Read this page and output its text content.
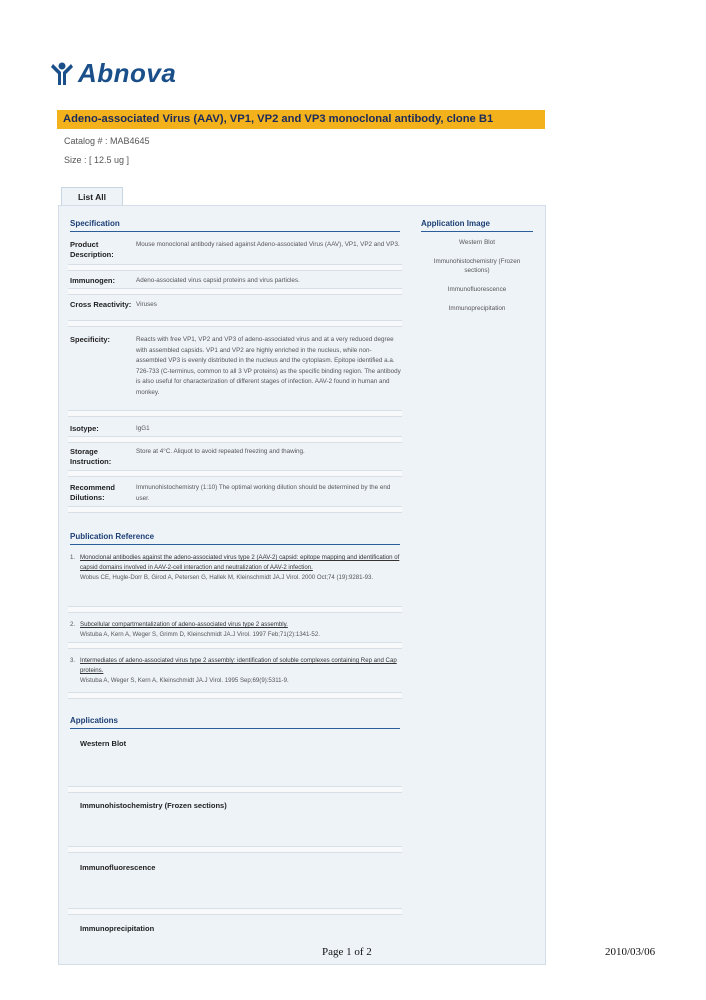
Abnova
Adeno-associated Virus (AAV), VP1, VP2 and VP3 monoclonal antibody, clone B1
Catalog # : MAB4645
Size : [ 12.5 ug ]
List All
Specification
Product Description:
Mouse monoclonal antibody raised against Adeno-associated Virus (AAV), VP1, VP2 and VP3.
Immunogen:	Adeno-associated virus capsid proteins and virus particles.
Cross Reactivity: Viruses
Specificity:	Reacts with free VP1, VP2 and VP3 of adeno-associated virus and at a very reduced degree with assembled capsids. VP1 and VP2 are highly enriched in the nucleus, while non-assembled VP3 is evenly distributed in the nucleus and the cytoplasm. Epitope identified a.a. 726-733 (C-terminus, common to all 3 VP proteins) as the specific binding region. The antibody is also useful for characterization of different stages of infection. AAV-2 found in human and monkey.
Isotype:	IgG1
Storage Instruction:
Store at 4°C. Aliquot to avoid repeated freezing and thawing.
Recommend Dilutions:
Immunohistochemistry (1:10) The optimal working dilution should be determined by the end user.
Application Image
Western Blot
Immunohistochemistry (Frozen sections)
Immunofluorescence
Immunoprecipitation
Publication Reference
1. Monoclonal antibodies against the adeno-associated virus type 2 (AAV-2) capsid: epitope mapping and identification of capsid domains involved in AAV-2-cell interaction and neutralization of AAV-2 infection.
Wobus CE, Hugle-Dorr B, Girod A, Petersen G, Hallek M, Kleinschmidt JA.J Virol. 2000 Oct;74 (19):9281-93.
2. Subcellular compartmentalization of adeno-associated virus type 2 assembly.
Wistuba A, Kern A, Weger S, Grimm D, Kleinschmidt JA.J Virol. 1997 Feb;71(2):1341-52.
3. Intermediates of adeno-associated virus type 2 assembly: identification of soluble complexes containing Rep and Cap proteins.
Wistuba A, Weger S, Kern A, Kleinschmidt JA.J Virol. 1995 Sep;69(9):5311-9.
Applications
Western Blot
Immunohistochemistry (Frozen sections)
Immunofluorescence
Immunoprecipitation
Page 1 of 2	2010/03/06
